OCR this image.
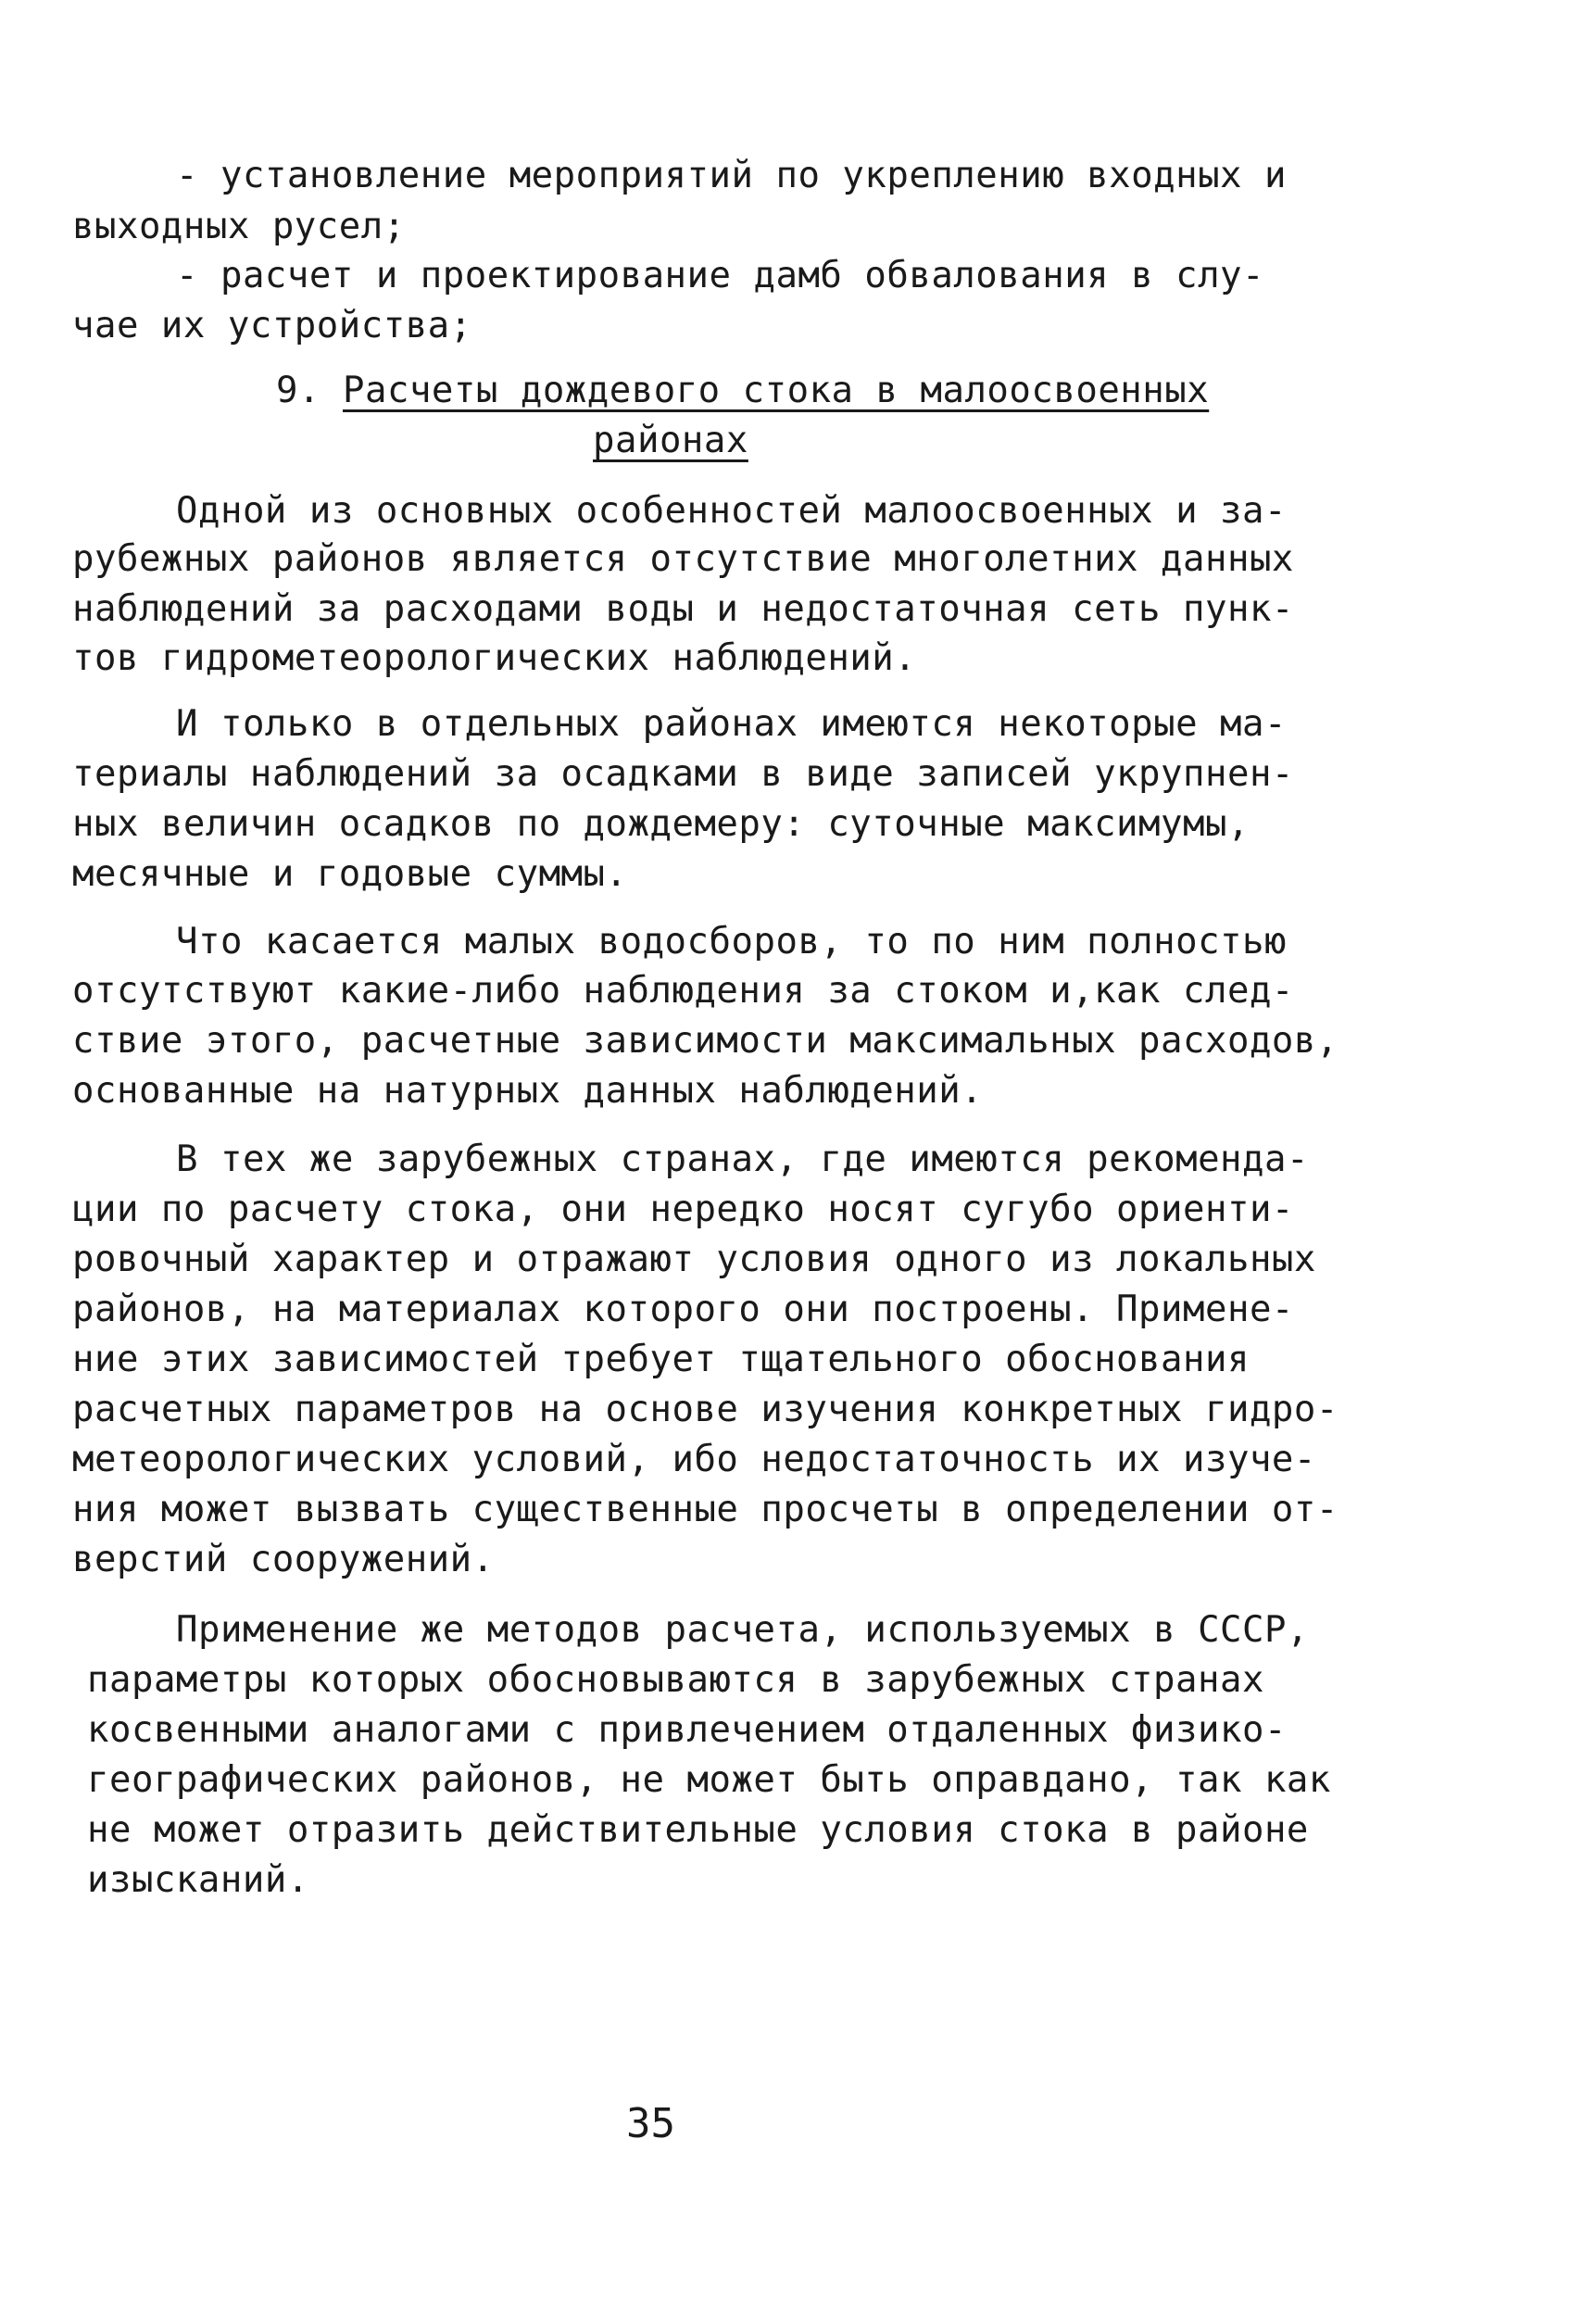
- установление мероприятий по укреплению входных и
выходных русел;
- расчет и проектирование дамб обвалования в слу-
чае их устройства;
9. Расчеты дождевого стока в малоосвоенных
районах
Одной из основных особенностей малоосвоенных и за-
рубежных районов является отсутствие многолетних данных
наблюдений за расходами воды и недостаточная сеть пунк-
тов гидрометеорологических наблюдений.
И только в отдельных районах имеются некоторые ма-
териалы наблюдений за осадками в виде записей укрупнен-
ных величин осадков по дождемеру: суточные максимумы,
месячные и годовые суммы.
Что касается малых водосборов, то по ним полностью
отсутствуют какие-либо наблюдения за стоком и,как след-
ствие этого, расчетные зависимости максимальных расходов,
основанные на натурных данных наблюдений.
В тех же зарубежных странах, где имеются рекоменда-
ции по расчету стока, они нередко носят сугубо ориенти-
ровочный характер и отражают условия одного из локальных
районов, на материалах которого они построены. Примене-
ние этих зависимостей требует тщательного обоснования
расчетных параметров на основе изучения конкретных гидро-
метеорологических условий, ибо недостаточность их изуче-
ния может вызвать существенные просчеты в определении от-
верстий сооружений.
Применение же методов расчета, используемых в СССР,
параметры которых обосновываются в зарубежных странах
косвенными аналогами с привлечением отдаленных физико-
географических районов, не может быть оправдано, так как
не может отразить действительные условия стока в районе
изысканий.
35
